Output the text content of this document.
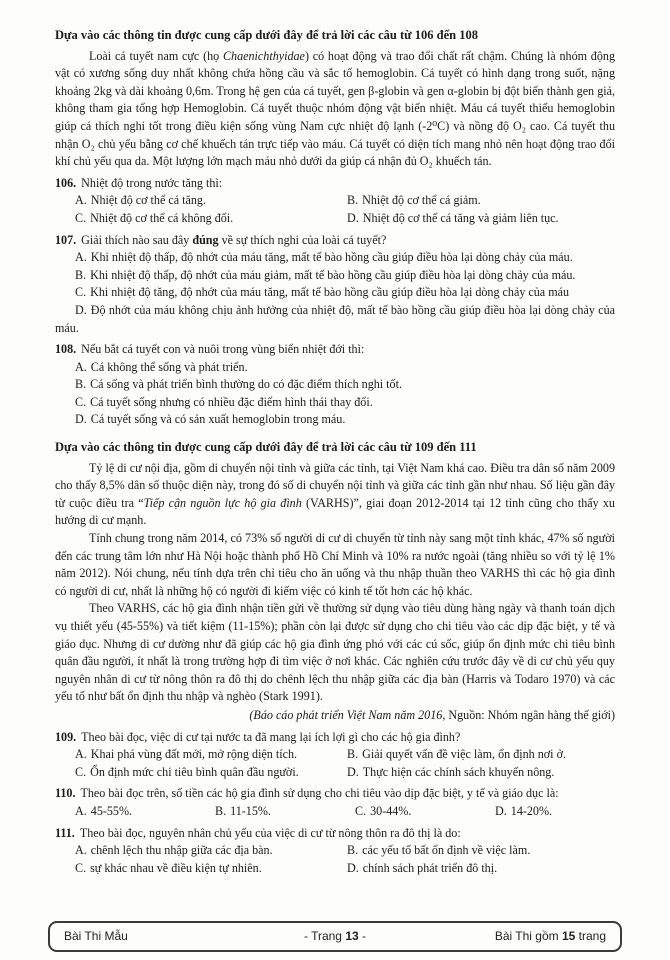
Dựa vào các thông tin được cung cấp dưới đây để trả lời các câu từ 106 đến 108

Loài cá tuyết nam cực (họ Chaenichthyidae) có hoạt động và trao đổi chất rất chậm. Chúng là nhóm động vật có xương sống duy nhất không chứa hồng cầu và sắc tố hemoglobin. Cá tuyết có hình dạng trong suốt, nặng khoảng 2kg và dài khoảng 0,6m. Trong hệ gen của cá tuyết, gen β-globin và gen α-globin bị đột biến thành gen giả, không tham gia tổng hợp Hemoglobin. Cá tuyết thuộc nhóm động vật biến nhiệt. Máu cá tuyết thiếu hemoglobin giúp cá thích nghi tốt trong điều kiện sống vùng Nam cực nhiệt độ lạnh (-2⁰C) và nồng độ O₂ cao. Cá tuyết thu nhận O₂ chủ yếu bằng cơ chế khuếch tán trực tiếp vào máu. Cá tuyết có diện tích mang nhỏ nên hoạt động trao đổi khí chủ yếu qua da. Một lượng lớn mạch máu nhỏ dưới da giúp cá nhận đủ O₂ khuếch tán.

106. Nhiệt độ trong nước tăng thì:

A. Nhiệt độ cơ thể cá tăng.	B. Nhiệt độ cơ thể cá giảm.

C. Nhiệt độ cơ thể cá không đổi.	D. Nhiệt độ cơ thể cá tăng và giảm liên tục.

107. Giải thích nào sau đây đúng về sự thích nghi của loài cá tuyết?

A. Khi nhiệt độ thấp, độ nhớt của máu tăng, mất tế bào hồng cầu giúp điều hòa lại dòng chảy của máu.

B. Khi nhiệt độ thấp, độ nhớt của máu giảm, mất tế bào hồng cầu giúp điều hòa lại dòng chảy của máu.

C. Khi nhiệt độ tăng, độ nhớt của máu tăng, mất tế bào hồng cầu giúp điều hòa lại dòng chảy của máu

D. Độ nhớt của máu không chịu ảnh hưởng của nhiệt độ, mất tế bào hồng cầu giúp điều hòa lại dòng chảy của máu.

108. Nếu bắt cá tuyết con và nuôi trong vùng biển nhiệt đới thì:

A. Cá không thể sống và phát triển.

B. Cá sống và phát triển bình thường do có đặc điểm thích nghi tốt.

C. Cá tuyết sống nhưng có nhiều đặc điểm hình thái thay đổi.

D. Cá tuyết sống và có sản xuất hemoglobin trong máu.

Dựa vào các thông tin được cung cấp dưới đây để trả lời các câu từ 109 đến 111

Tỷ lệ di cư nội địa, gồm di chuyển nội tỉnh và giữa các tỉnh, tại Việt Nam khá cao. Điều tra dân số năm 2009 cho thấy 8,5% dân số thuộc diện này, trong đó số di chuyển nội tỉnh và giữa các tỉnh gần như nhau. Số liệu gần đây từ cuộc điều tra “Tiếp cận nguồn lực hộ gia đình (VARHS)”, giai đoạn 2012-2014 tại 12 tỉnh cũng cho thấy xu hướng di cư mạnh.

Tính chung trong năm 2014, có 73% số người di cư di chuyển từ tỉnh này sang một tỉnh khác, 47% số người đến các trung tâm lớn như Hà Nội hoặc thành phố Hồ Chí Minh và 10% ra nước ngoài (tăng nhiều so với tỷ lệ 1% năm 2012). Nói chung, nếu tính dựa trên chỉ tiêu cho ăn uống và thu nhập thuần theo VARHS thì các hộ gia đình có người di cư, nhất là những hộ có người đi kiếm việc có kinh tế tốt hơn các hộ khác.

Theo VARHS, các hộ gia đình nhận tiền gửi về thường sử dụng vào tiêu dùng hàng ngày và thanh toán dịch vụ thiết yếu (45-55%) và tiết kiệm (11-15%); phần còn lại được sử dụng cho chi tiêu vào các dịp đặc biệt, y tế và giáo dục. Nhưng di cư dường như đã giúp các hộ gia đình ứng phó với các cú sốc, giúp ổn định mức chi tiêu bình quân đầu người, ít nhất là trong trường hợp đi tìm việc ở nơi khác. Các nghiên cứu trước đây về di cư chủ yếu quy nguyên nhân di cư từ nông thôn ra đô thị do chênh lệch thu nhập giữa các địa bàn (Harris và Todaro 1970) và các yếu tố như bất ổn định thu nhập và nghèo (Stark 1991).

(Báo cáo phát triển Việt Nam năm 2016, Nguồn: Nhóm ngân hàng thế giới)

109. Theo bài đọc, việc di cư tại nước ta đã mang lại ích lợi gì cho các hộ gia đình?

A. Khai phá vùng đất mới, mở rộng diện tích.	B. Giải quyết vấn đề việc làm, ổn định nơi ở.

C. Ổn định mức chi tiêu bình quân đầu người.	D. Thực hiện các chính sách khuyến nông.

110. Theo bài đọc trên, số tiền các hộ gia đình sử dụng cho chi tiêu vào dịp đặc biệt, y tế và giáo dục là:

A. 45-55%.	B. 11-15%.	C. 30-44%.	D. 14-20%.

111. Theo bài đọc, nguyên nhân chủ yếu của việc di cư từ nông thôn ra đô thị là do:

A. chênh lệch thu nhập giữa các địa bàn.	B. các yếu tố bất ổn định về việc làm.

C. sự khác nhau về điều kiện tự nhiên.	D. chính sách phát triển đô thị.

Bài Thi Mẫu	- Trang 13 -	Bài Thi gồm 15 trang
